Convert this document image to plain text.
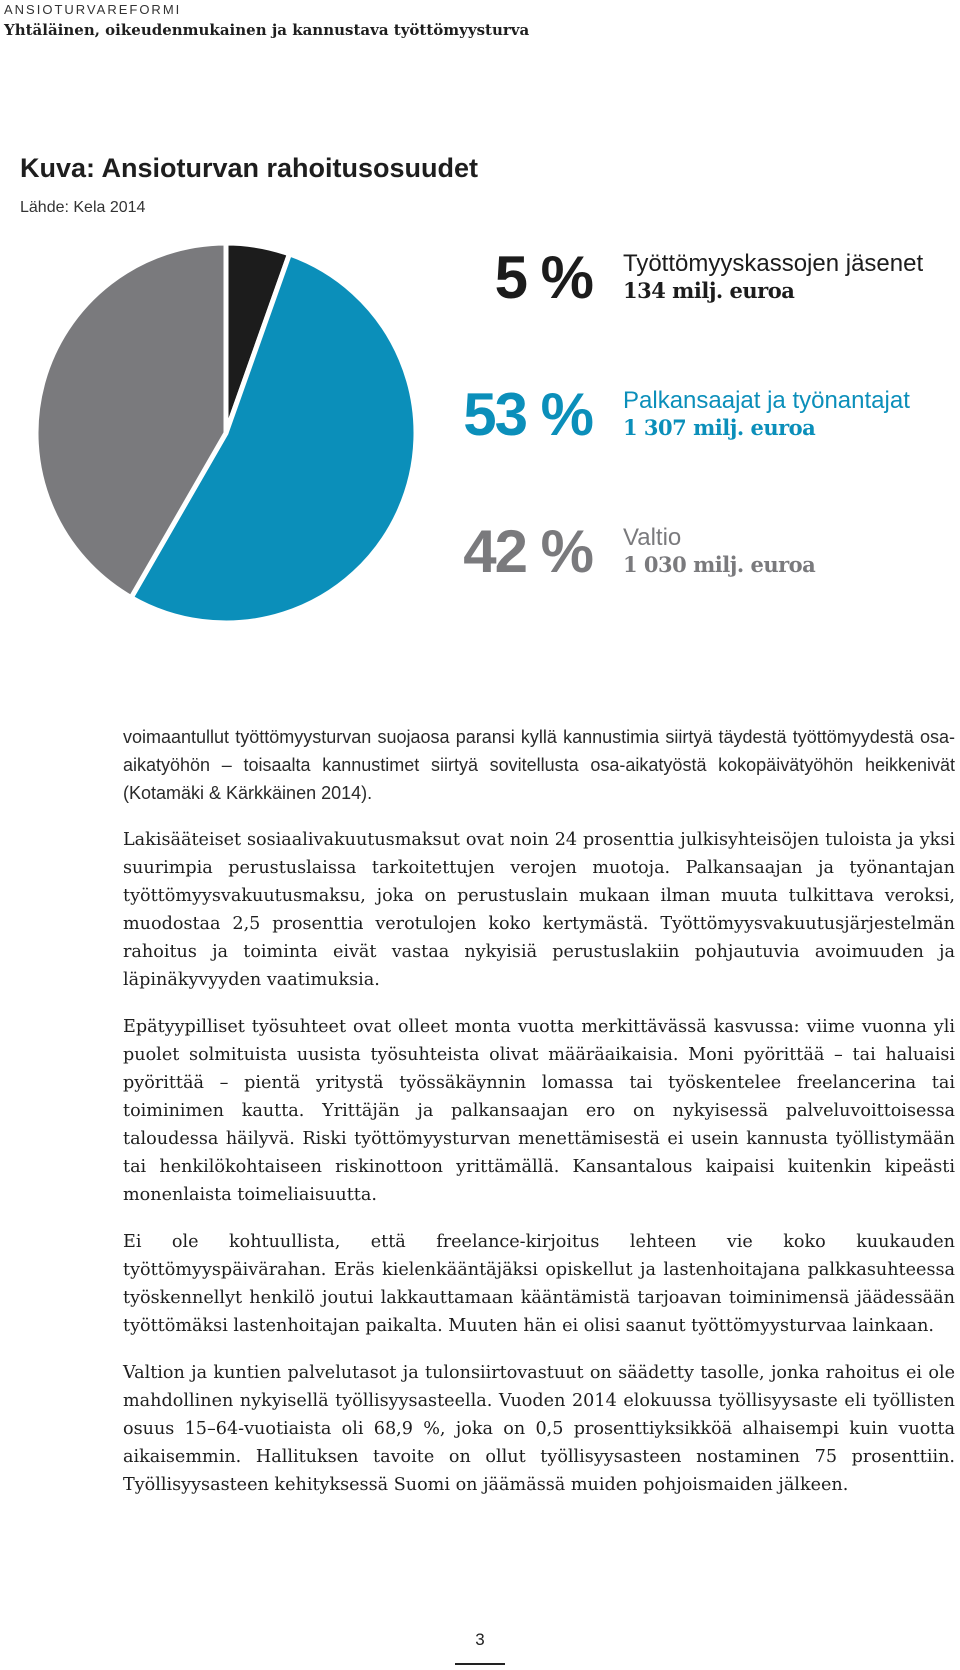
ANSIOTURVAREFORMI
Yhtäläinen, oikeudenmukainen ja kannustava työttömyysturva
Kuva: Ansioturvan rahoitusosuudet
Lähde: Kela 2014
5 % Työttömyyskassojen jäsenet
134 milj. euroa
53 % Palkansaajat ja työnantajat
1 307 milj. euroa
42 % Valtio
1 030 milj. euroa

voimaantullut työttömyysturvan suojaosa paransi kyllä kannustimia siirtyä täydestä työttömyydestä osa-aikatyöhön – toisaalta kannustimet siirtyä sovitellusta osa-aikatyöstä kokopäivätyöhön heikkenivät (Kotamäki & Kärkkäinen 2014).

Lakisääteiset sosiaalivakuutusmaksut ovat noin 24 prosenttia julkisyhteisöjen tuloista ja yksi suurimpia perustuslaissa tarkoitettujen verojen muotoja. Palkansaajan ja työnantajan työttömyysvakuutusmaksu, joka on perustuslain mukaan ilman muuta tulkittava veroksi, muodostaa 2,5 prosenttia verotulojen koko kertymästä. Työttömyysvakuutusjärjestelmän rahoitus ja toiminta eivät vastaa nykyisiä perustuslakiin pohjautuvia avoimuuden ja läpinäkyvyyden vaatimuksia.

Epätyypilliset työsuhteet ovat olleet monta vuotta merkittävässä kasvussa: viime vuonna yli puolet solmituista uusista työsuhteista olivat määräaikaisia. Moni pyörittää – tai haluaisi pyörittää – pientä yritystä työssäkäynnin lomassa tai työskentelee freelancerina tai toiminimen kautta. Yrittäjän ja palkansaajan ero on nykyisessä palveluvoittoisessa taloudessa häilyvä. Riski työttömyysturvan menettämisestä ei usein kannusta työllistymään tai henkilökohtaiseen riskinottoon yrittämällä. Kansantalous kaipaisi kuitenkin kipeästi monenlaista toimeliaisuutta.

Ei ole kohtuullista, että freelance-kirjoitus lehteen vie koko kuukauden työttömyyspäivärahan. Eräs kielenkääntäjäksi opiskellut ja lastenhoitajana palkkasuhteessa työskennellyt henkilö joutui lakkauttamaan kääntämistä tarjoavan toiminimensä jäädessään työttömäksi lastenhoitajan paikalta. Muuten hän ei olisi saanut työttömyysturvaa lainkaan.

Valtion ja kuntien palvelutasot ja tulonsiirtovastuut on säädetty tasolle, jonka rahoitus ei ole mahdollinen nykyisellä työllisyysasteella. Vuoden 2014 elokuussa työllisyysaste eli työllisten osuus 15–64-vuotiaista oli 68,9 %, joka on 0,5 prosenttiyksikköä alhaisempi kuin vuotta aikaisemmin. Hallituksen tavoite on ollut työllisyysasteen nostaminen 75 prosenttiin. Työllisyysasteen kehityksessä Suomi on jäämässä muiden pohjoismaiden jälkeen.

3
